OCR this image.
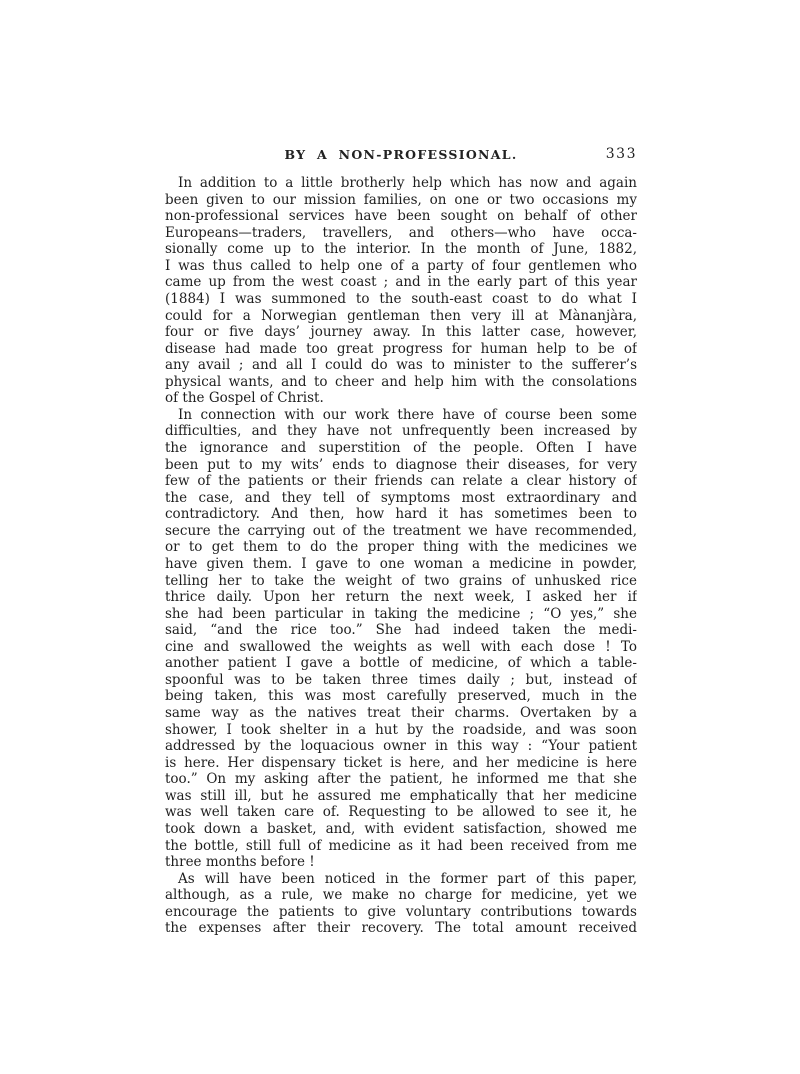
BY A NON-PROFESSIONAL.	333
In addition to a little brotherly help which has now and again
been given to our mission families, on one or two occasions my
non-professional services have been sought on behalf of other
Europeans—traders, travellers, and others—who have occa-
sionally come up to the interior. In the month of June, 1882,
I was thus called to help one of a party of four gentlemen who
came up from the west coast ; and in the early part of this year
(1884) I was summoned to the south-east coast to do what I
could for a Norwegian gentleman then very ill at Mànanjàra,
four or five days’ journey away. In this latter case, however,
disease had made too great progress for human help to be of
any avail ; and all I could do was to minister to the sufferer’s
physical wants, and to cheer and help him with the consolations
of the Gospel of Christ.
In connection with our work there have of course been some
difficulties, and they have not unfrequently been increased by
the ignorance and superstition of the people. Often I have
been put to my wits’ ends to diagnose their diseases, for very
few of the patients or their friends can relate a clear history of
the case, and they tell of symptoms most extraordinary and
contradictory. And then, how hard it has sometimes been to
secure the carrying out of the treatment we have recommended,
or to get them to do the proper thing with the medicines we
have given them. I gave to one woman a medicine in powder,
telling her to take the weight of two grains of unhusked rice
thrice daily. Upon her return the next week, I asked her if
she had been particular in taking the medicine ; “O yes,” she
said, “and the rice too.” She had indeed taken the medi-
cine and swallowed the weights as well with each dose ! To
another patient I gave a bottle of medicine, of which a table-
spoonful was to be taken three times daily ; but, instead of
being taken, this was most carefully preserved, much in the
same way as the natives treat their charms. Overtaken by a
shower, I took shelter in a hut by the roadside, and was soon
addressed by the loquacious owner in this way : “Your patient
is here. Her dispensary ticket is here, and her medicine is here
too.” On my asking after the patient, he informed me that she
was still ill, but he assured me emphatically that her medicine
was well taken care of. Requesting to be allowed to see it, he
took down a basket, and, with evident satisfaction, showed me
the bottle, still full of medicine as it had been received from me
three months before !
As will have been noticed in the former part of this paper,
although, as a rule, we make no charge for medicine, yet we
encourage the patients to give voluntary contributions towards
the expenses after their recovery. The total amount received
